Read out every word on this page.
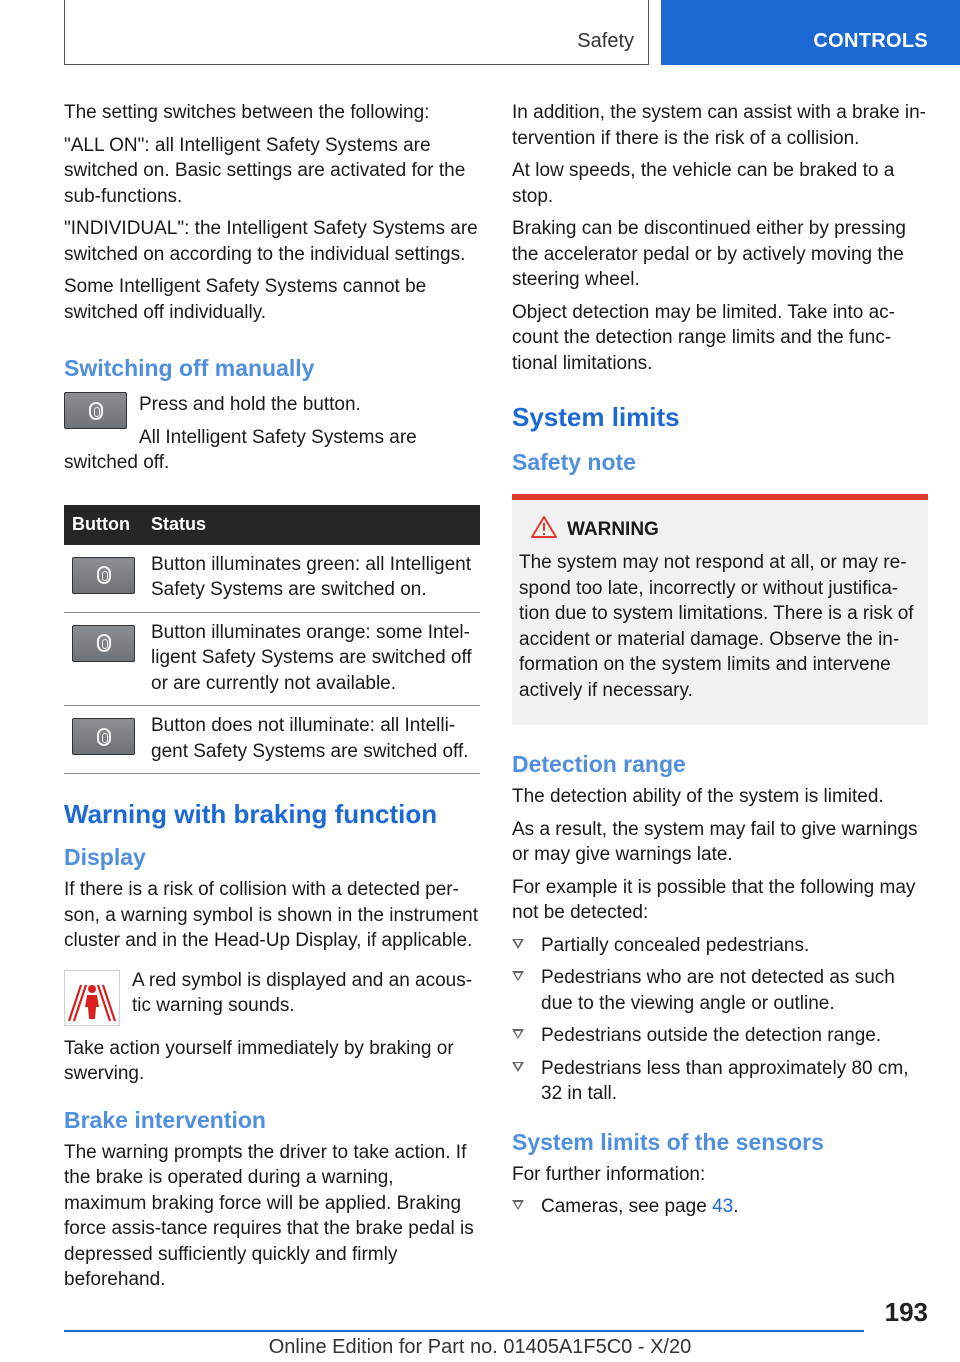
Safety	CONTROLS

The setting switches between the following:

"ALL ON": all Intelligent Safety Systems are switched on. Basic settings are activated for the sub-functions.

"INDIVIDUAL": the Intelligent Safety Systems are switched on according to the individual settings.

Some Intelligent Safety Systems cannot be switched off individually.

Switching off manually

Press and hold the button.

All Intelligent Safety Systems are switched off.

Button	Status

	Button illuminates green: all Intelligent Safety Systems are switched on.

	Button illuminates orange: some Intel‐ligent Safety Systems are switched off or are currently not available.

	Button does not illuminate: all Intelli‐gent Safety Systems are switched off.
Warning with braking function
Display

If there is a risk of collision with a detected per‐son, a warning symbol is shown in the instrument cluster and in the Head-Up Display, if applicable.

A red symbol is displayed and an acous‐tic warning sounds.

Take action yourself immediately by braking or swerving.

Brake intervention

The warning prompts the driver to take action. If the brake is operated during a warning, maximum braking force will be applied. Braking force assis‐tance requires that the brake pedal is depressed sufficiently quickly and firmly beforehand.

In addition, the system can assist with a brake in‐tervention if there is the risk of a collision.

At low speeds, the vehicle can be braked to a stop.

Braking can be discontinued either by pressing the accelerator pedal or by actively moving the steering wheel.

Object detection may be limited. Take into ac‐count the detection range limits and the func‐tional limitations.

System limits
Safety note
WARNING

The system may not respond at all, or may re‐spond too late, incorrectly or without justifica‐tion due to system limitations. There is a risk of accident or material damage. Observe the in‐formation on the system limits and intervene actively if necessary.

Detection range

The detection ability of the system is limited.

As a result, the system may fail to give warnings or may give warnings late.

For example it is possible that the following may not be detected:

Partially concealed pedestrians.
Pedestrians who are not detected as such due to the viewing angle or outline.
Pedestrians outside the detection range.
Pedestrians less than approximately 80 cm, 32 in tall.
System limits of the sensors

For further information:

Cameras, see page 43.
193
Online Edition for Part no. 01405A1F5C0 - X/20
